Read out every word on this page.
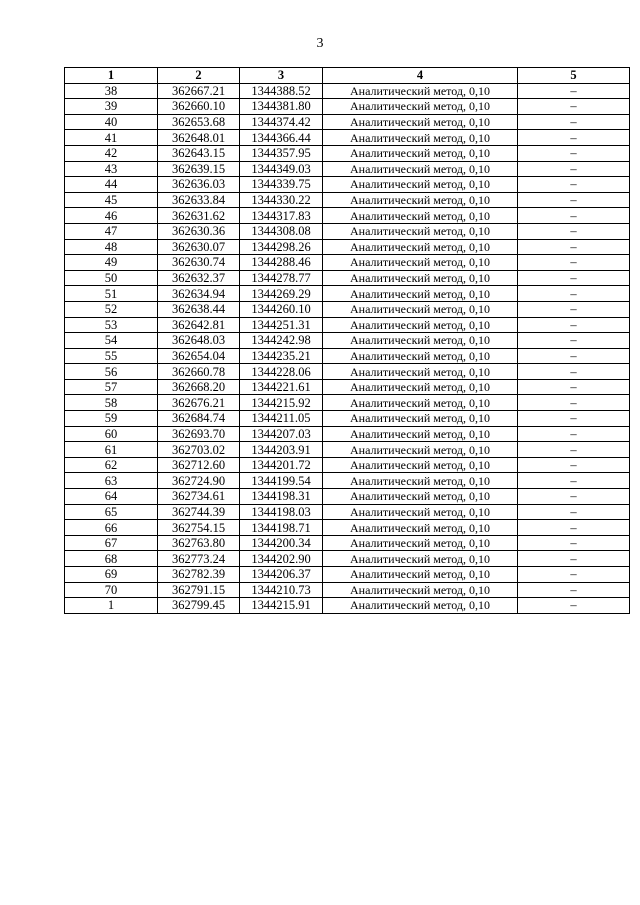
3
1	2	3	4	5
38	362667.21	1344388.52	Аналитический метод, 0,10	–
39	362660.10	1344381.80	Аналитический метод, 0,10	–
40	362653.68	1344374.42	Аналитический метод, 0,10	–
41	362648.01	1344366.44	Аналитический метод, 0,10	–
42	362643.15	1344357.95	Аналитический метод, 0,10	–
43	362639.15	1344349.03	Аналитический метод, 0,10	–
44	362636.03	1344339.75	Аналитический метод, 0,10	–
45	362633.84	1344330.22	Аналитический метод, 0,10	–
46	362631.62	1344317.83	Аналитический метод, 0,10	–
47	362630.36	1344308.08	Аналитический метод, 0,10	–
48	362630.07	1344298.26	Аналитический метод, 0,10	–
49	362630.74	1344288.46	Аналитический метод, 0,10	–
50	362632.37	1344278.77	Аналитический метод, 0,10	–
51	362634.94	1344269.29	Аналитический метод, 0,10	–
52	362638.44	1344260.10	Аналитический метод, 0,10	–
53	362642.81	1344251.31	Аналитический метод, 0,10	–
54	362648.03	1344242.98	Аналитический метод, 0,10	–
55	362654.04	1344235.21	Аналитический метод, 0,10	–
56	362660.78	1344228.06	Аналитический метод, 0,10	–
57	362668.20	1344221.61	Аналитический метод, 0,10	–
58	362676.21	1344215.92	Аналитический метод, 0,10	–
59	362684.74	1344211.05	Аналитический метод, 0,10	–
60	362693.70	1344207.03	Аналитический метод, 0,10	–
61	362703.02	1344203.91	Аналитический метод, 0,10	–
62	362712.60	1344201.72	Аналитический метод, 0,10	–
63	362724.90	1344199.54	Аналитический метод, 0,10	–
64	362734.61	1344198.31	Аналитический метод, 0,10	–
65	362744.39	1344198.03	Аналитический метод, 0,10	–
66	362754.15	1344198.71	Аналитический метод, 0,10	–
67	362763.80	1344200.34	Аналитический метод, 0,10	–
68	362773.24	1344202.90	Аналитический метод, 0,10	–
69	362782.39	1344206.37	Аналитический метод, 0,10	–
70	362791.15	1344210.73	Аналитический метод, 0,10	–
1	362799.45	1344215.91	Аналитический метод, 0,10	–
